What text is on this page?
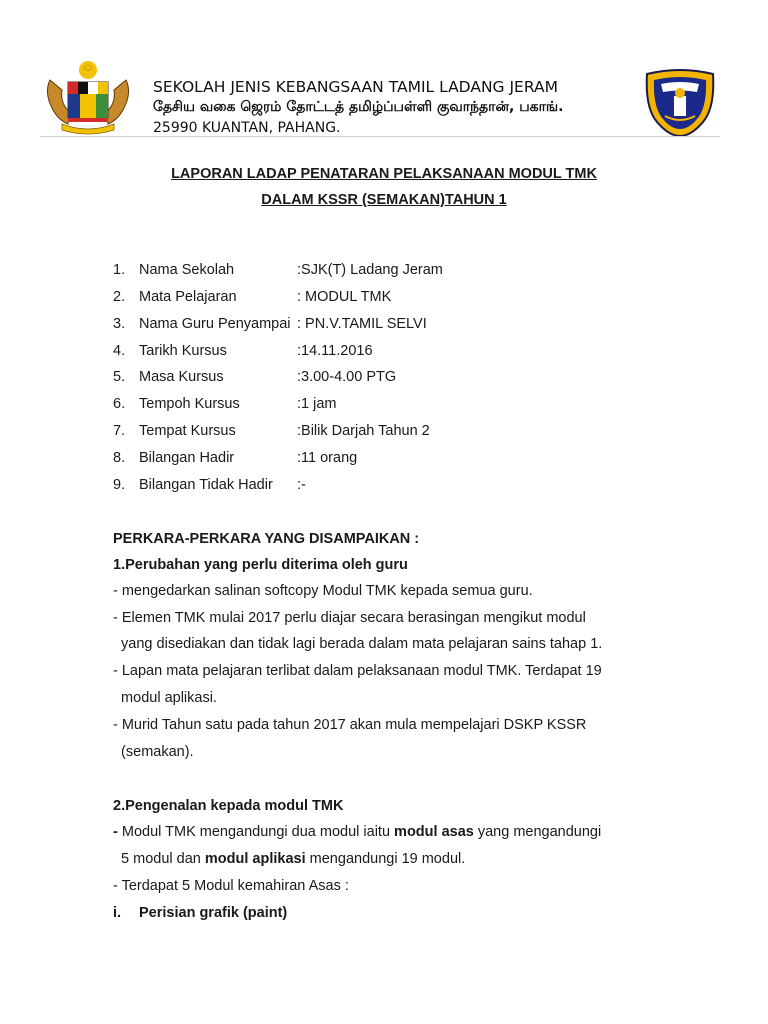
SEKOLAH JENIS KEBANGSAAN TAMIL LADANG JERAM
தேசிய வகை ஜெரம் தோட்டத் தமிழ்ப்பள்ளி குவாந்தான், பகாங்.
25990 KUANTAN, PAHANG.
LAPORAN LADAP PENATARAN PELAKSANAAN MODUL TMK
DALAM KSSR (SEMAKAN)TAHUN 1
1. Nama Sekolah	:SJK(T) Ladang Jeram
2. Mata Pelajaran	: MODUL TMK
3. Nama Guru Penyampai : PN.V.TAMIL SELVI
4. Tarikh Kursus	:14.11.2016
5. Masa Kursus	:3.00-4.00 PTG
6. Tempoh Kursus	:1 jam
7. Tempat Kursus	:Bilik Darjah Tahun 2
8. Bilangan Hadir	:11 orang
9. Bilangan Tidak Hadir :-
PERKARA-PERKARA YANG DISAMPAIKAN :
1.Perubahan yang perlu diterima oleh guru
- mengedarkan salinan softcopy Modul TMK kepada semua guru.
- Elemen TMK mulai 2017 perlu diajar secara berasingan mengikut modul
yang disediakan dan tidak lagi berada dalam mata pelajaran sains tahap 1.
- Lapan mata pelajaran terlibat dalam pelaksanaan modul TMK. Terdapat 19
modul aplikasi.
- Murid Tahun satu pada tahun 2017 akan mula mempelajari DSKP KSSR
(semakan).
2.Pengenalan kepada modul TMK
- Modul TMK mengandungi dua modul iaitu modul asas yang mengandungi
5 modul dan modul aplikasi mengandungi 19 modul.
- Terdapat 5 Modul kemahiran Asas :
i. Perisian grafik (paint)
